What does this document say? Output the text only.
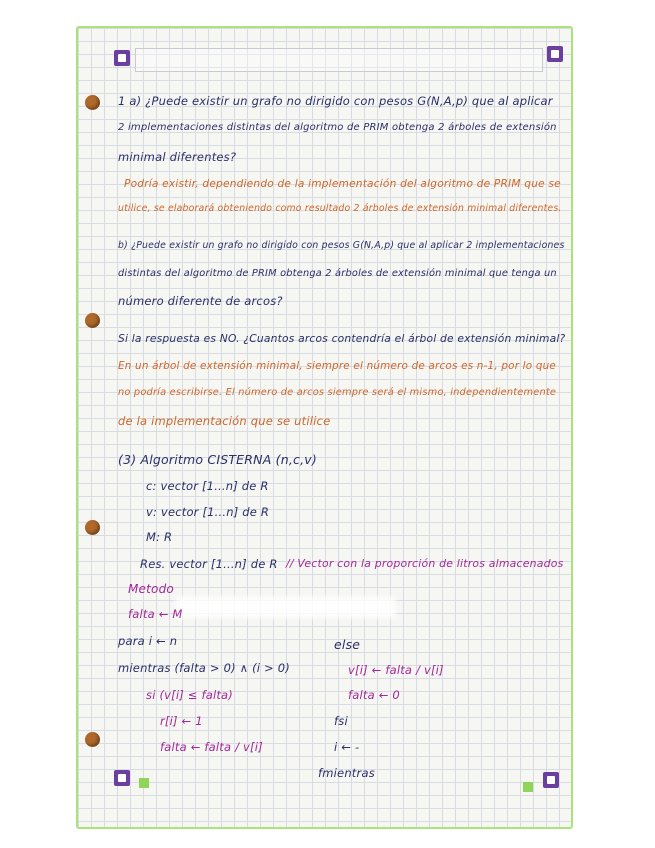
1 a) ¿Puede existir un grafo no dirigido con pesos G(N,A,p) que al aplicar
2 implementaciones distintas del algoritmo de PRIM obtenga 2 árboles de extensión
minimal diferentes?
Podría existir, dependiendo de la implementación del algoritmo de PRIM que se
utilice, se elaborará obteniendo como resultado 2 árboles de extensión minimal diferentes.
b) ¿Puede existir un grafo no dirigido con pesos G(N,A,p) que al aplicar 2 implementaciones
distintas del algoritmo de PRIM obtenga 2 árboles de extensión minimal que tenga un
número diferente de arcos?
Si la respuesta es NO. ¿Cuantos arcos contendría el árbol de extensión minimal?
En un árbol de extensión minimal, siempre el número de arcos es n-1, por lo que
no podría escribirse. El número de arcos siempre será el mismo, independientemente
de la implementación que se utilice
(3) Algoritmo CISTERNA (n,c,v)
c: vector [1...n] de R
v: vector [1...n] de R
M: R
Res. vector [1...n] de R // Vector con la proporción de litros almacenados
Metodo
falta ← M
para i ← n
mientras (falta > 0) ∧ (i > 0)
si (v[i] ≤ falta)
r[i] ← 1
falta ← falta / v[i]
else
v[i] ← falta / v[i]
falta ← 0
fsi
i ← -
fmientras
